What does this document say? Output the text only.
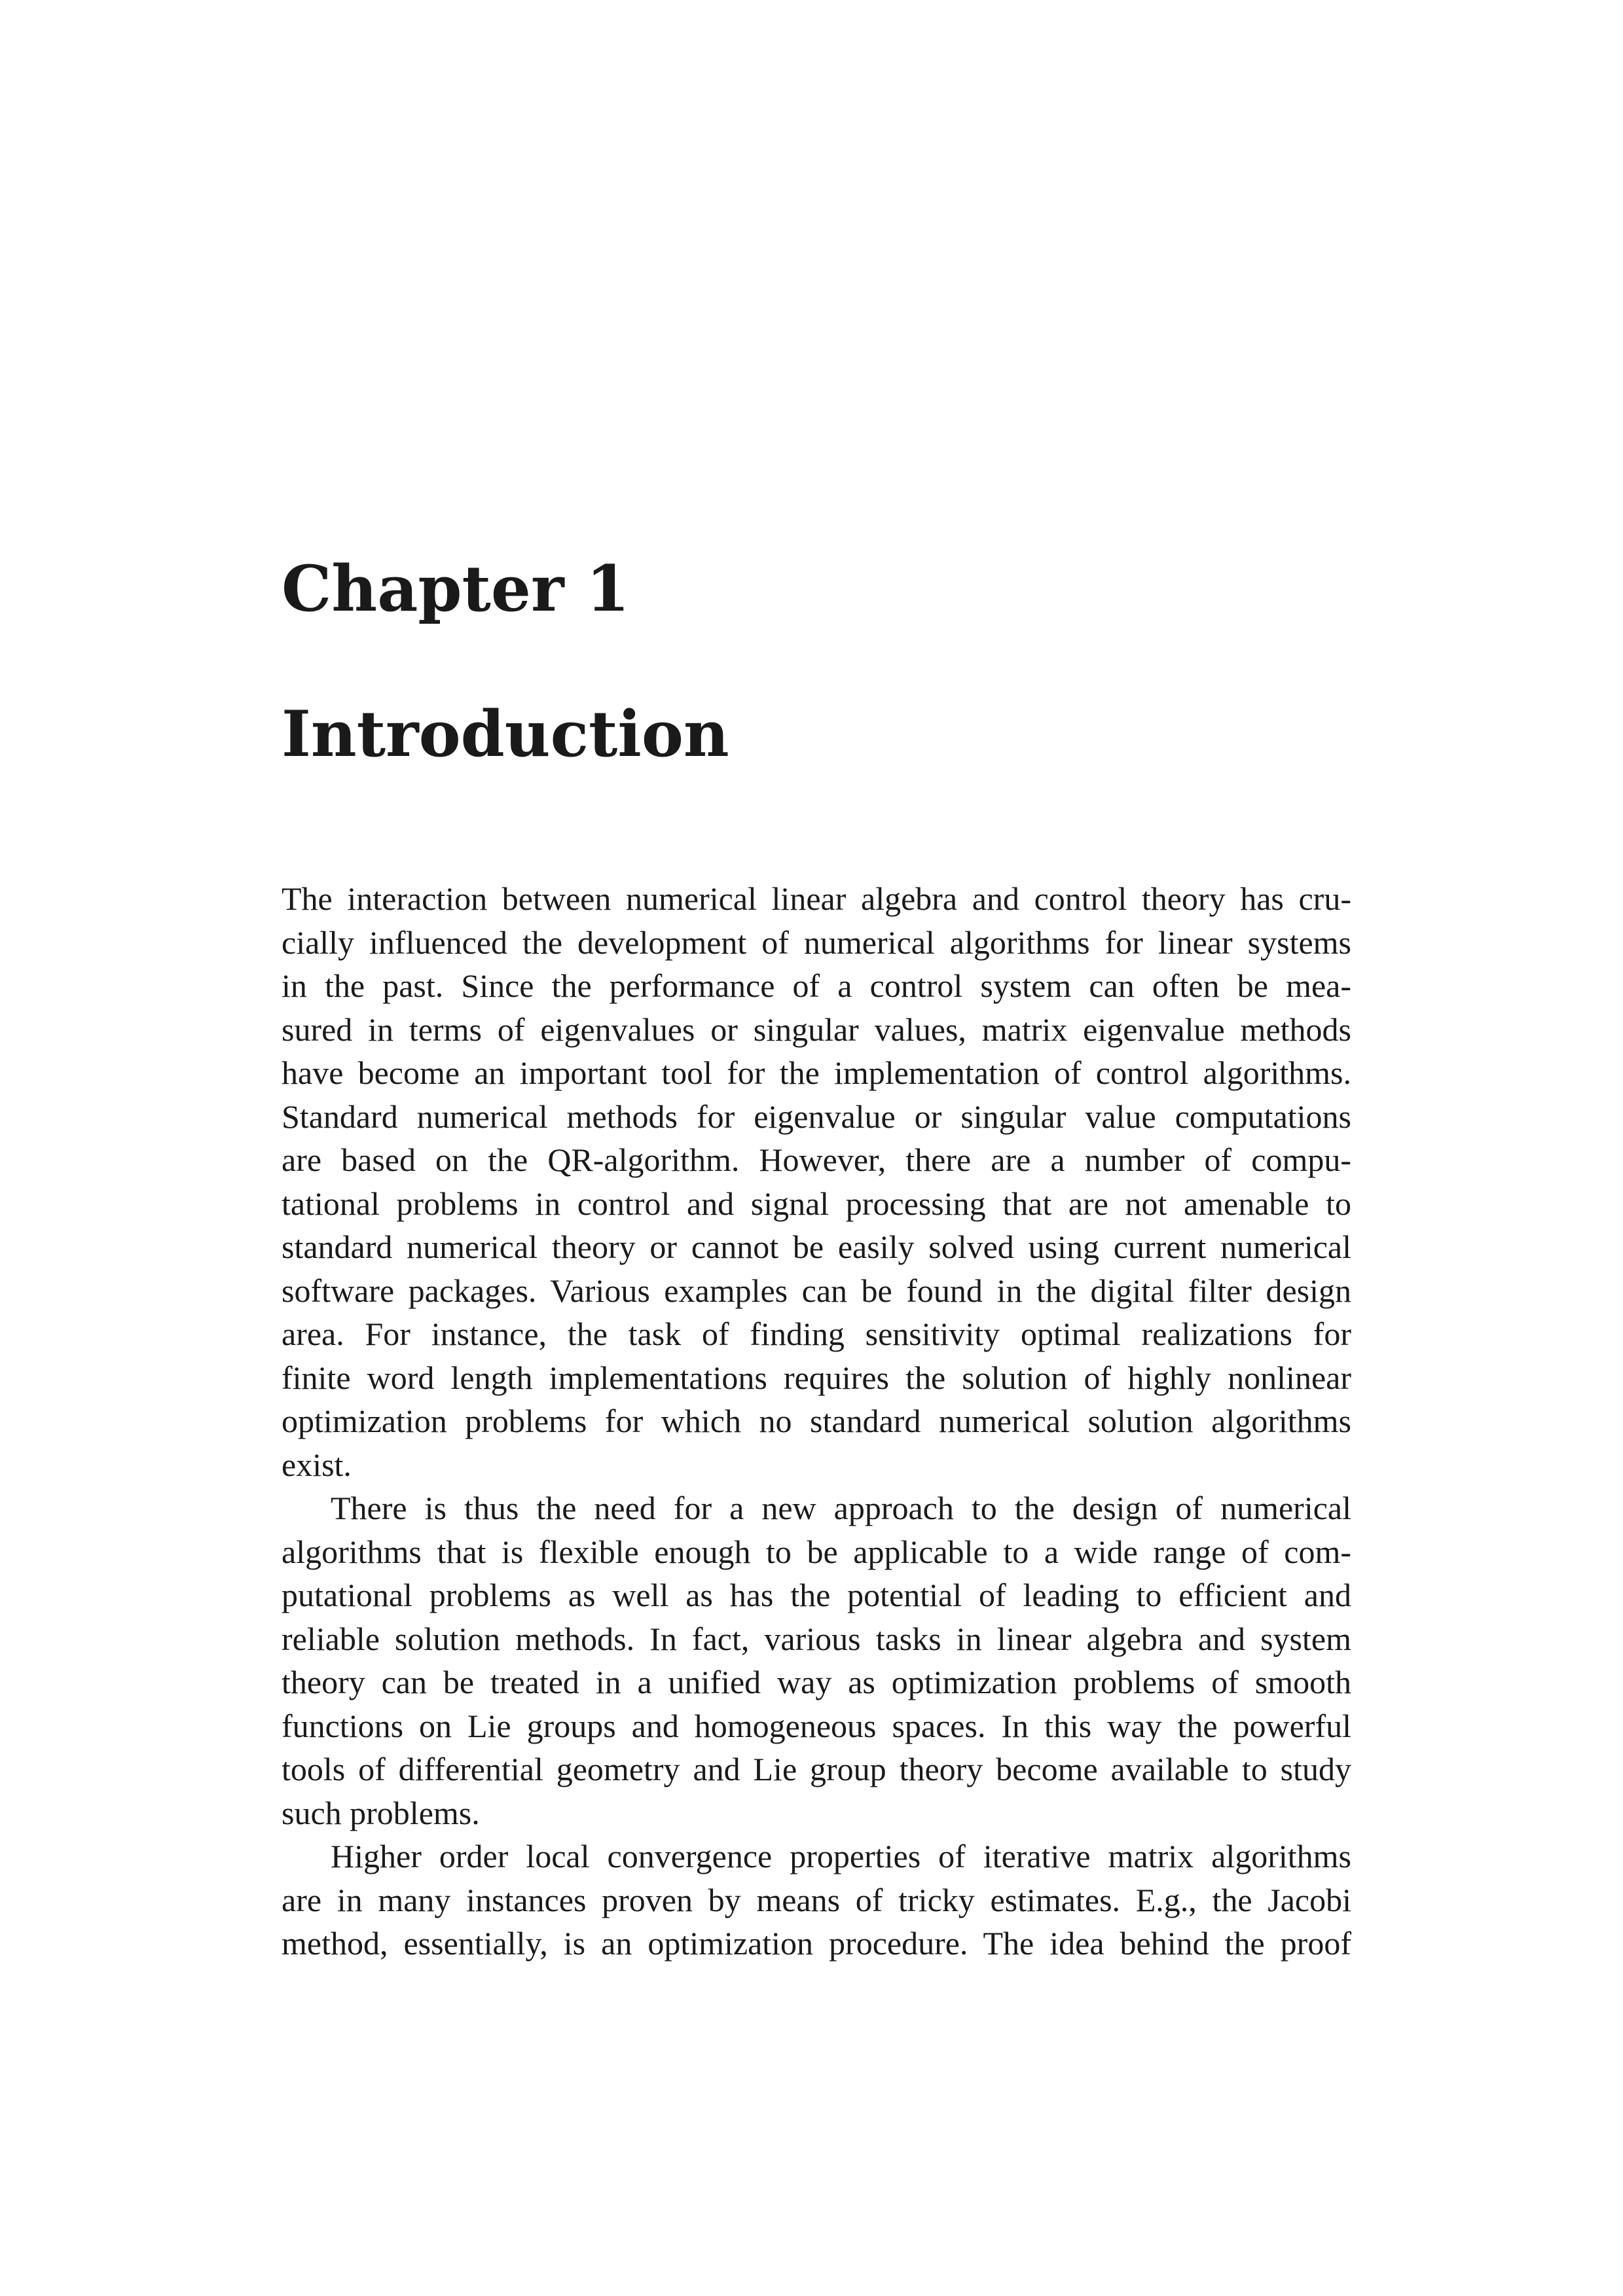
Chapter 1
Introduction
The interaction between numerical linear algebra and control theory has cru-
cially influenced the development of numerical algorithms for linear systems
in the past. Since the performance of a control system can often be mea-
sured in terms of eigenvalues or singular values, matrix eigenvalue methods
have become an important tool for the implementation of control algorithms.
Standard numerical methods for eigenvalue or singular value computations
are based on the QR-algorithm. However, there are a number of compu-
tational problems in control and signal processing that are not amenable to
standard numerical theory or cannot be easily solved using current numerical
software packages. Various examples can be found in the digital filter design
area. For instance, the task of finding sensitivity optimal realizations for
finite word length implementations requires the solution of highly nonlinear
optimization problems for which no standard numerical solution algorithms
exist.
There is thus the need for a new approach to the design of numerical
algorithms that is flexible enough to be applicable to a wide range of com-
putational problems as well as has the potential of leading to efficient and
reliable solution methods. In fact, various tasks in linear algebra and system
theory can be treated in a unified way as optimization problems of smooth
functions on Lie groups and homogeneous spaces. In this way the powerful
tools of differential geometry and Lie group theory become available to study
such problems.
Higher order local convergence properties of iterative matrix algorithms
are in many instances proven by means of tricky estimates. E.g., the Jacobi
method, essentially, is an optimization procedure. The idea behind the proof
